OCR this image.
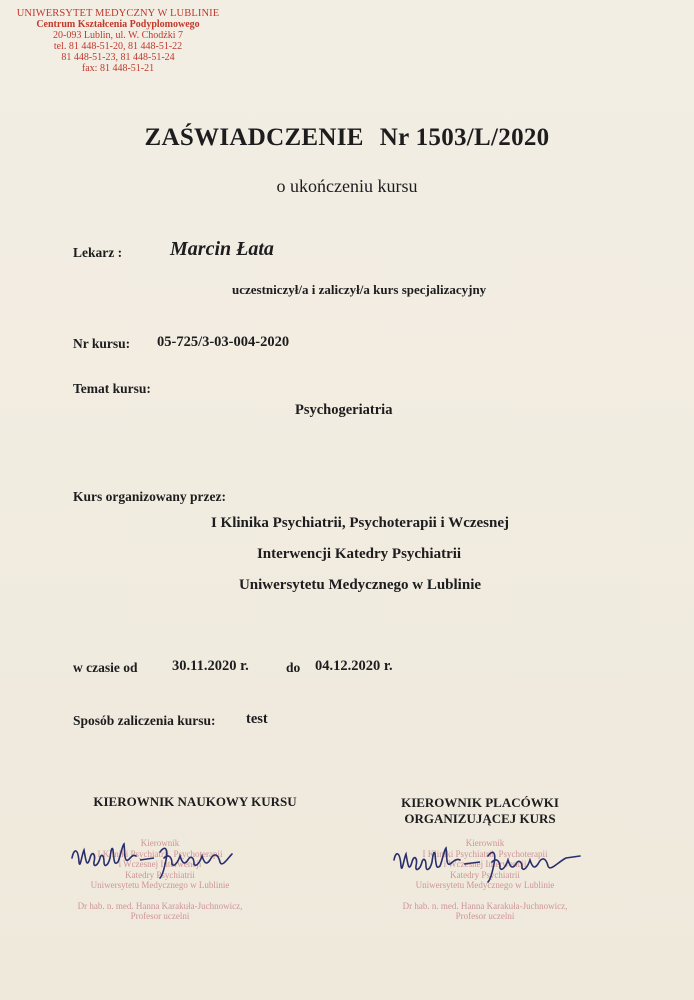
UNIWERSYTET MEDYCZNY W LUBLINIE
Centrum Kształcenia Podyplomowego
20-093 Lublin, ul. W. Chodźki 7
tel. 81 448-51-20, 81 448-51-22
81 448-51-23, 81 448-51-24
fax: 81 448-51-21
ZAŚWIADCZENIE Nr 1503/L/2020
o ukończeniu kursu
Lekarz : Marcin Łata
uczestniczył/a i zaliczył/a kurs specjalizacyjny
Nr kursu: 05-725/3-03-004-2020
Temat kursu:
Psychogeriatria
Kurs organizowany przez:
I Klinika Psychiatrii, Psychoterapii i Wczesnej
Interwencji Katedry Psychiatrii
Uniwersytetu Medycznego w Lublinie
w czasie od 30.11.2020 r.	do 04.12.2020 r.
Sposób zaliczenia kursu: test
KIEROWNIK NAUKOWY KURSU	KIEROWNIK PLACÓWKI
ORGANIZUJĄCEJ KURS
Kierownik
I Kliniki Psychiatrii, Psychoterapii
i Wczesnej Interwencji
Katedry Psychiatrii
Uniwersytetu Medycznego w Lublinie
Dr hab. n. med. Hanna Karakuła-Juchnowicz,
Profesor uczelni
Kierownik
I Kliniki Psychiatrii, Psychoterapii
i Wczesnej Interwencji
Katedry Psychiatrii
Uniwersytetu Medycznego w Lublinie
Dr hab. n. med. Hanna Karakuła-Juchnowicz,
Profesor uczelni
